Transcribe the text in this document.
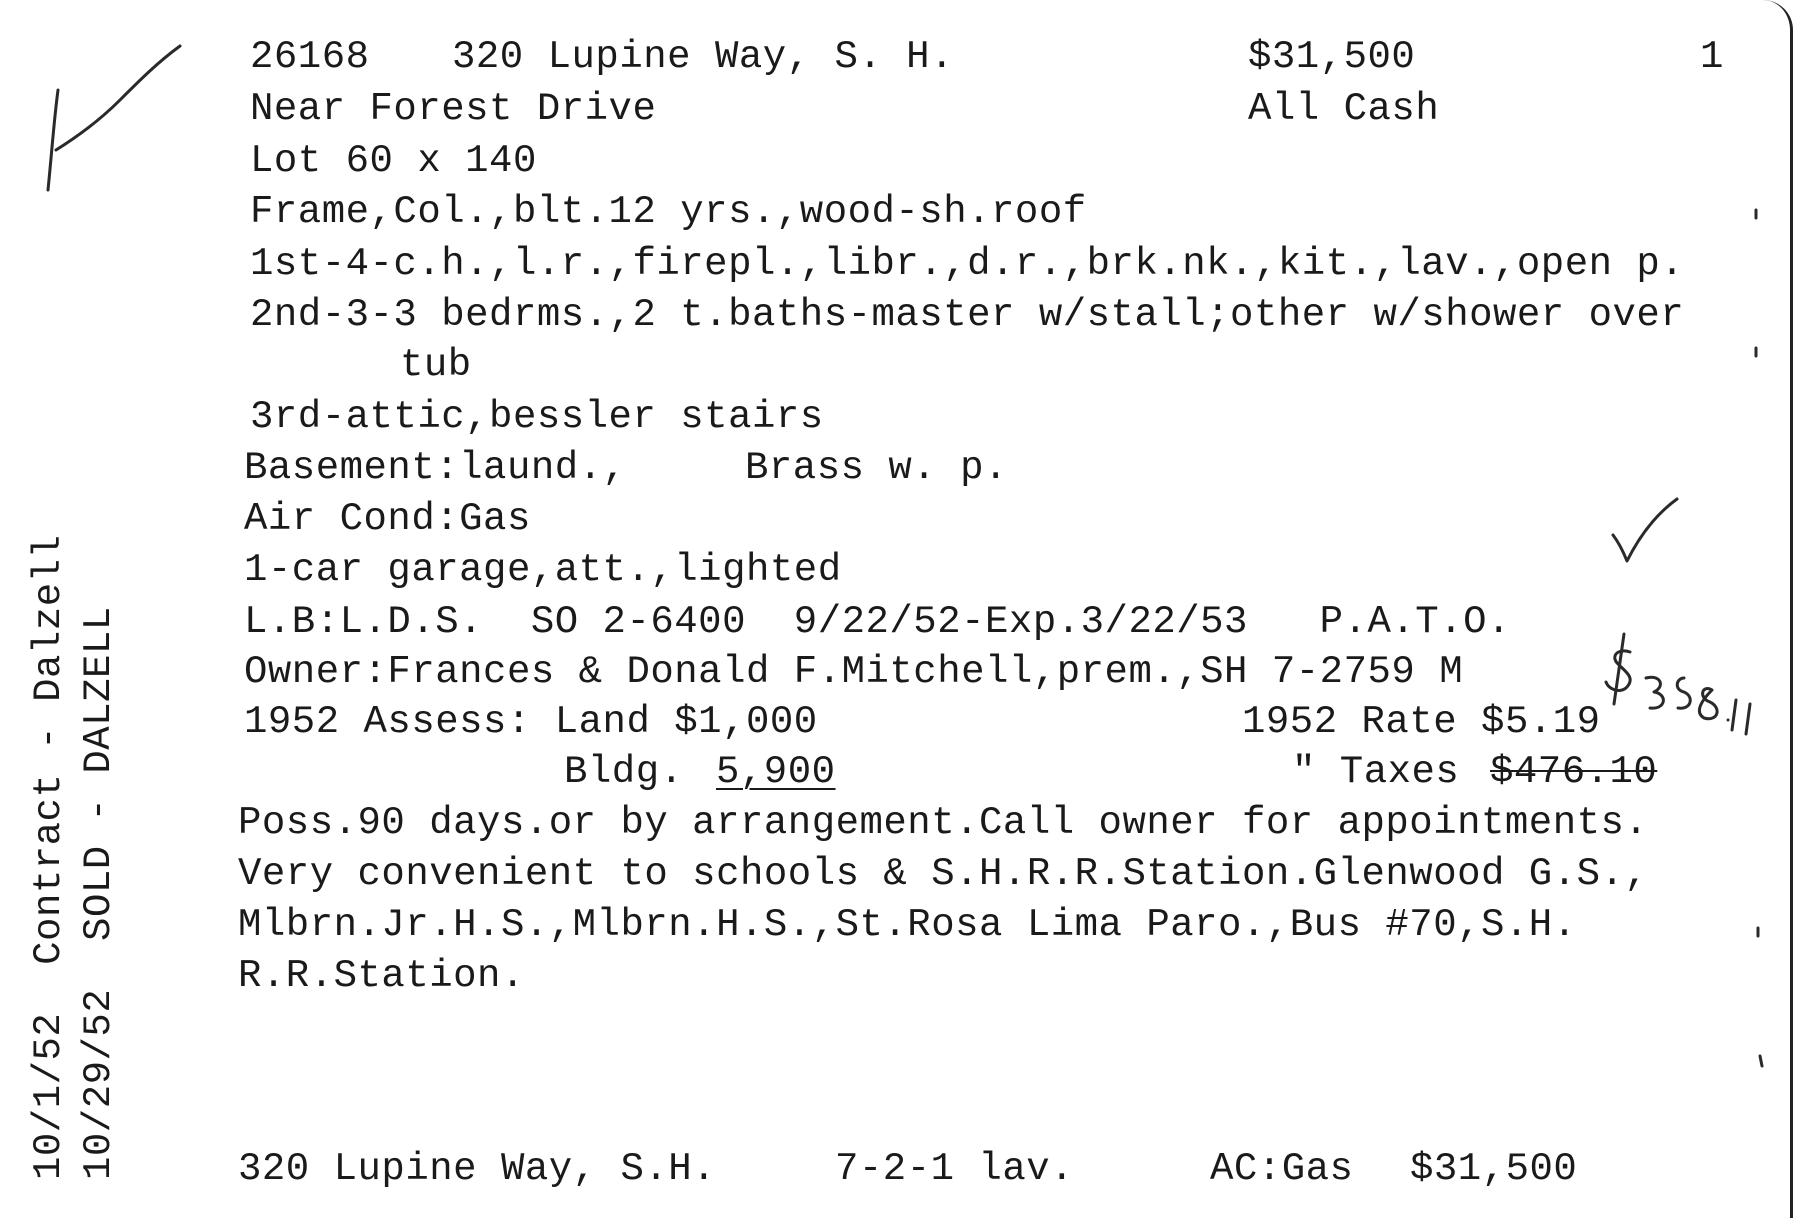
26168 320 Lupine Way, S. H.	$31,500	1
Near Forest Drive	All Cash
Lot 60 x 140
Frame,Col.,blt.12 yrs.,wood-sh.roof
1st-4-c.h.,l.r.,firepl.,libr.,d.r.,brk.nk.,kit.,lav.,open p.
2nd-3-3 bedrms.,2 t.baths-master w/stall;other w/shower over
tub
3rd-attic,bessler stairs
Basement:laund.,	Brass w. p.
Air Cond:Gas
1-car garage,att.,lighted
L.B:L.D.S.  SO 2-6400  9/22/52-Exp.3/22/53   P.A.T.O.
Owner:Frances & Donald F.Mitchell,prem.,SH 7-2759 M
1952 Assess: Land $1,000	1952 Rate $5.19
Bldg. 5,900	" Taxes $476.10
Poss.90 days.or by arrangement.Call owner for appointments.
Very convenient to schools & S.H.R.R.Station.Glenwood G.S.,
Mlbrn.Jr.H.S.,Mlbrn.H.S.,St.Rosa Lima Paro.,Bus #70,S.H.
R.R.Station.
320 Lupine Way, S.H.	7-2-1 lav.	AC:Gas $31,500
10/1/52  Contract - Dalzell 10/29/52  SOLD - DALZELL
